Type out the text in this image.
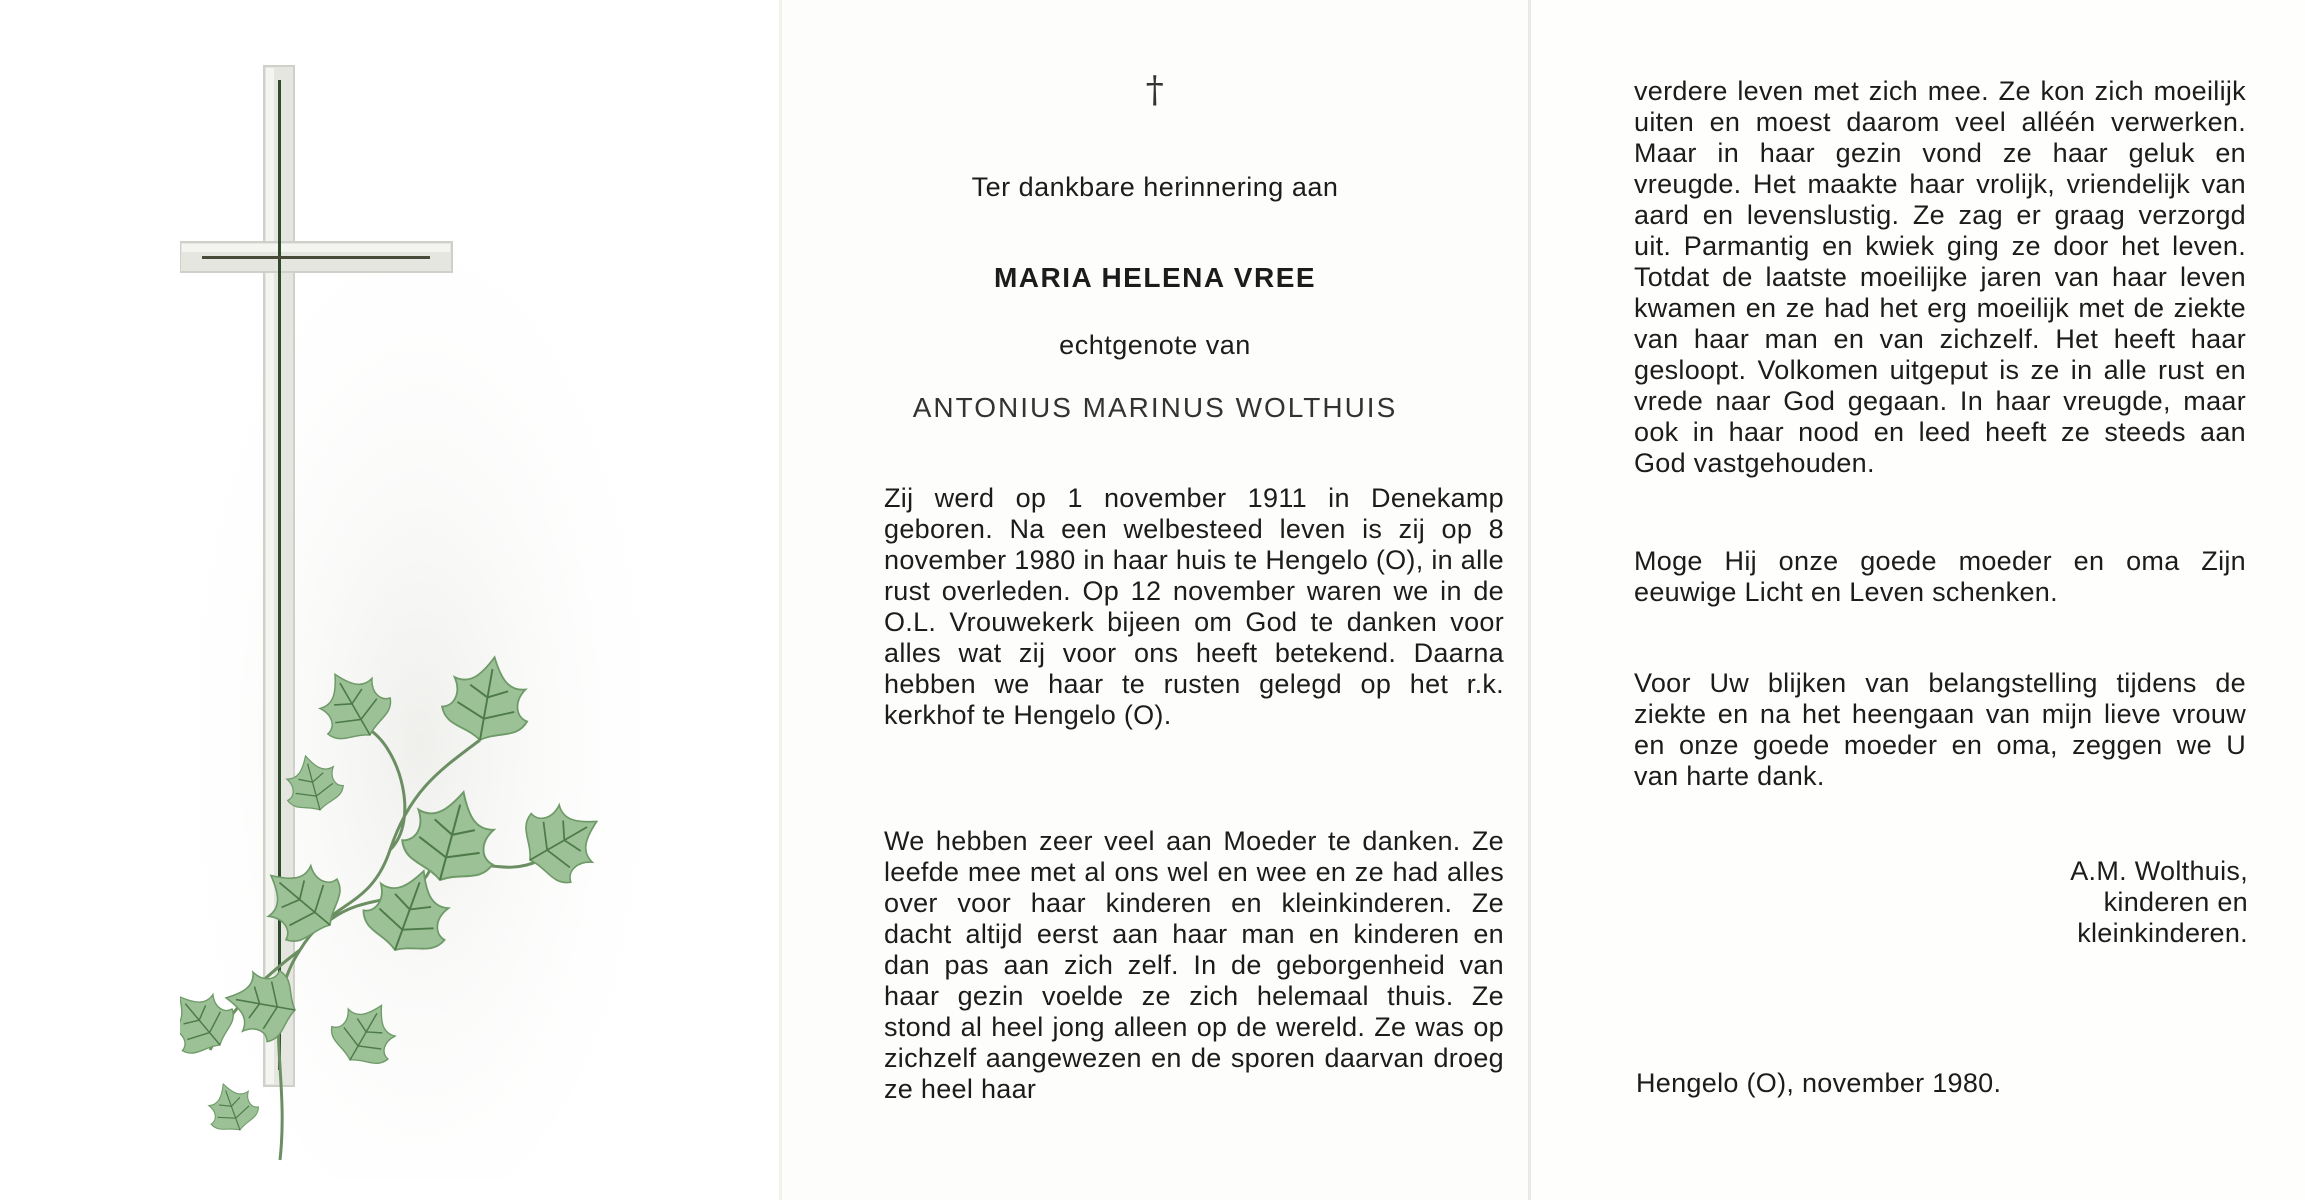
†
Ter dankbare herinnering aan
MARIA HELENA VREE
echtgenote van
ANTONIUS MARINUS WOLTHUIS
Zij werd op 1 november 1911 in Denekamp geboren. Na een welbesteed leven is zij op 8 november 1980 in haar huis te Hengelo (O), in alle rust overleden. Op 12 november waren we in de O.L. Vrouwekerk bijeen om God te danken voor alles wat zij voor ons heeft betekend. Daarna hebben we haar te rusten gelegd op het r.k. kerkhof te Hengelo (O).
We hebben zeer veel aan Moeder te danken. Ze leefde mee met al ons wel en wee en ze had alles over voor haar kinderen en kleinkinderen. Ze dacht altijd eerst aan haar man en kinderen en dan pas aan zich zelf. In de geborgenheid van haar gezin voelde ze zich helemaal thuis. Ze stond al heel jong alleen op de wereld. Ze was op zichzelf aangewezen en de sporen daarvan droeg ze heel haar
verdere leven met zich mee. Ze kon zich moeilijk uiten en moest daarom veel alléén verwerken. Maar in haar gezin vond ze haar geluk en vreugde. Het maakte haar vrolijk, vriendelijk van aard en levenslustig. Ze zag er graag verzorgd uit. Parmantig en kwiek ging ze door het leven. Totdat de laatste moeilijke jaren van haar leven kwamen en ze had het erg moeilijk met de ziekte van haar man en van zichzelf. Het heeft haar gesloopt. Volkomen uitgeput is ze in alle rust en vrede naar God gegaan. In haar vreugde, maar ook in haar nood en leed heeft ze steeds aan God vastgehouden.
Moge Hij onze goede moeder en oma Zijn eeuwige Licht en Leven schenken.
Voor Uw blijken van belangstelling tijdens de ziekte en na het heengaan van mijn lieve vrouw en onze goede moeder en oma, zeggen we U van harte dank.
A.M. Wolthuis,
kinderen en
kleinkinderen.
Hengelo (O), november 1980.
